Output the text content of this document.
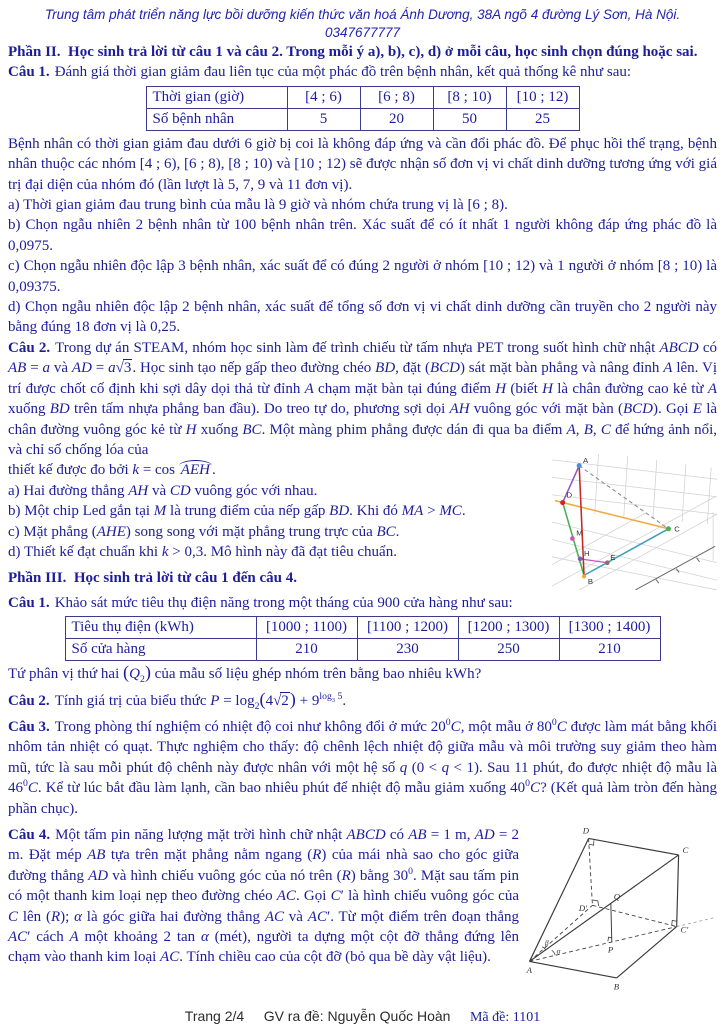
Trung tâm phát triển năng lực bồi dưỡng kiến thức văn hoá Ánh Dương, 38A ngõ 4 đường Lý Sơn, Hà Nội. 0347677777

Phần II.  Học sinh trả lời từ câu 1 và câu 2. Trong mỗi ý a), b), c), d) ở mỗi câu, học sinh chọn đúng hoặc sai.

Câu 1. Đánh giá thời gian giảm đau liên tục của một phác đồ trên bệnh nhân, kết quả thống kê như sau:

Thời gian (giờ)	[4 ; 6)	[6 ; 8)	[8 ; 10)	[10 ; 12)
Số bệnh nhân	5	20	50	25

Bệnh nhân có thời gian giảm đau dưới 6 giờ bị coi là không đáp ứng và cần đổi phác đồ. Để phục hồi thể trạng, bệnh nhân thuộc các nhóm [4 ; 6), [6 ; 8), [8 ; 10) và [10 ; 12) sẽ được nhận số đơn vị vi chất dinh dưỡng tương ứng với giá trị đại diện của nhóm đó (lần lượt là 5, 7, 9 và 11 đơn vị).

a) Thời gian giảm đau trung bình của mẫu là 9 giờ và nhóm chứa trung vị là [6 ; 8).

b) Chọn ngẫu nhiên 2 bệnh nhân từ 100 bệnh nhân trên. Xác suất để có ít nhất 1 người không đáp ứng phác đồ là 0,0975.

c) Chọn ngẫu nhiên độc lập 3 bệnh nhân, xác suất để có đúng 2 người ở nhóm [10 ; 12) và 1 người ở nhóm [8 ; 10) là 0,09375.

d) Chọn ngẫu nhiên độc lập 2 bệnh nhân, xác suất để tổng số đơn vị vi chất dinh dưỡng cần truyền cho 2 người này bằng đúng 18 đơn vị là 0,25.

Câu 2. Trong dự án STEAM, nhóm học sinh làm đế trình chiếu từ tấm nhựa PET trong suốt hình chữ nhật ABCD có AB = a và AD = a√3. Học sinh tạo nếp gấp theo đường chéo BD, đặt (BCD) sát mặt bàn phẳng và nâng đỉnh A lên. Vị trí được chốt cố định khi sợi dây dọi thả từ đỉnh A chạm mặt bàn tại đúng điểm H (biết H là chân đường cao kẻ từ A xuống BD trên tấm nhựa phẳng ban đầu). Do treo tự do, phương sợi dọi AH vuông góc với mặt bàn (BCD). Gọi E là chân đường vuông góc kẻ từ H xuống BC. Một màng phim phẳng được dán đi qua ba điểm A, B, C để hứng ảnh nổi, và chỉ số chống lóa của

A
D
M
H
B
E
C

thiết kế được đo bởi k = cos AEH .

a) Hai đường thẳng AH và CD vuông góc với nhau.

b) Một chip Led gắn tại M là trung điểm của nếp gấp BD. Khi đó MA > MC.

c) Mặt phẳng (AHE) song song với mặt phẳng trung trực của BC.

d) Thiết kế đạt chuẩn khi k > 0,3. Mô hình này đã đạt tiêu chuẩn.

Phần III.  Học sinh trả lời từ câu 1 đến câu 4.

Câu 1. Khảo sát mức tiêu thụ điện năng trong một tháng của 900 cửa hàng như sau:

Tiêu thụ điện (kWh)	[1000 ; 1100)	[1100 ; 1200)	[1200 ; 1300)	[1300 ; 1400)
Số cửa hàng	210	230	250	210

Tứ phân vị thứ hai $(Q_2)$ của mẫu số liệu ghép nhóm trên bằng bao nhiêu kWh?

Câu 2. Tính giá trị của biểu thức $P = \log_2(4√2) + 9^{log_3 5}$.

Câu 3. Trong phòng thí nghiệm có nhiệt độ coi như không đổi ở mức $20^0C$, một mẫu ở $80^0C$ được làm mát bằng khối nhôm tản nhiệt có quạt. Thực nghiệm cho thấy: độ chênh lệch nhiệt độ giữa mẫu và môi trường suy giảm theo hàm mũ, tức là sau mỗi phút độ chênh này được nhân với một hệ số q (0 < q < 1). Sau 11 phút, đo được nhiệt độ mẫu là $46^0C$. Kể từ lúc bắt đầu làm lạnh, cần bao nhiêu phút để nhiệt độ mẫu giảm xuống $40^0C$? (Kết quả làm tròn đến hàng phần chục).

D
C
C′
B
A
D′
Q
P
β
α

Câu 4. Một tấm pin năng lượng mặt trời hình chữ nhật ABCD có AB = 1 m, AD = 2 m. Đặt mép AB tựa trên mặt phẳng nằm ngang (R) của mái nhà sao cho góc giữa đường thẳng AD và hình chiếu vuông góc của nó trên (R) bằng $30^0$. Mặt sau tấm pin có một thanh kim loại nẹp theo đường chéo AC. Gọi C′ là hình chiếu vuông góc của C lên (R); α là góc giữa hai đường thẳng AC và AC′. Từ một điểm trên đoạn thẳng AC′ cách A một khoảng 2 tan α (mét), người ta dựng một cột đỡ thẳng đứng lên chạm vào thanh kim loại AC. Tính chiều cao của cột đỡ (bỏ qua bề dày vật liệu).

Trang 2/4 GV ra đề: Nguyễn Quốc Hoàn Mã đề: 1101
